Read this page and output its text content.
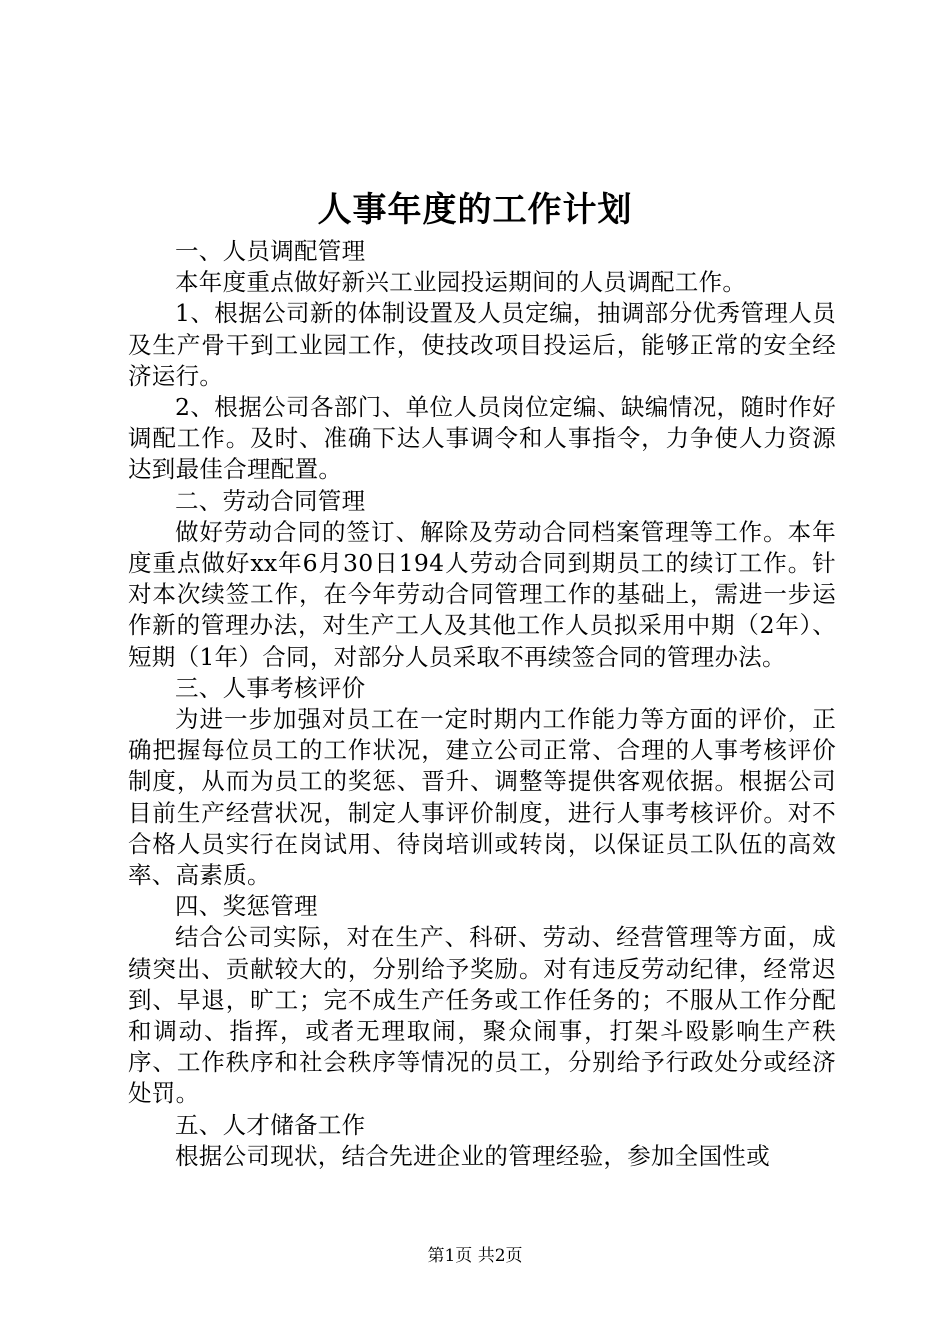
人事年度的工作计划

一、人员调配管理

本年度重点做好新兴工业园投运期间的人员调配工作。

1、根据公司新的体制设置及人员定编，抽调部分优秀管理人员及生产骨干到工业园工作，使技改项目投运后，能够正常的安全经济运行。

2、根据公司各部门、单位人员岗位定编、缺编情况，随时作好调配工作。及时、准确下达人事调令和人事指令，力争使人力资源达到最佳合理配置。

二、劳动合同管理

做好劳动合同的签订、解除及劳动合同档案管理等工作。本年度重点做好xx年6月30日194人劳动合同到期员工的续订工作。针对本次续签工作，在今年劳动合同管理工作的基础上，需进一步运作新的管理办法，对生产工人及其他工作人员拟采用中期（2年）、短期（1年）合同，对部分人员采取不再续签合同的管理办法。

三、人事考核评价

为进一步加强对员工在一定时期内工作能力等方面的评价，正确把握每位员工的工作状况，建立公司正常、合理的人事考核评价制度，从而为员工的奖惩、晋升、调整等提供客观依据。根据公司目前生产经营状况，制定人事评价制度，进行人事考核评价。对不合格人员实行在岗试用、待岗培训或转岗，以保证员工队伍的高效率、高素质。

四、奖惩管理

结合公司实际，对在生产、科研、劳动、经营管理等方面，成绩突出、贡献较大的，分别给予奖励。对有违反劳动纪律，经常迟到、早退，旷工；完不成生产任务或工作任务的；不服从工作分配和调动、指挥，或者无理取闹，聚众闹事，打架斗殴影响生产秩序、工作秩序和社会秩序等情况的员工，分别给予行政处分或经济处罚。

五、人才储备工作

根据公司现状，结合先进企业的管理经验，参加全国性或

第1页 共2页
